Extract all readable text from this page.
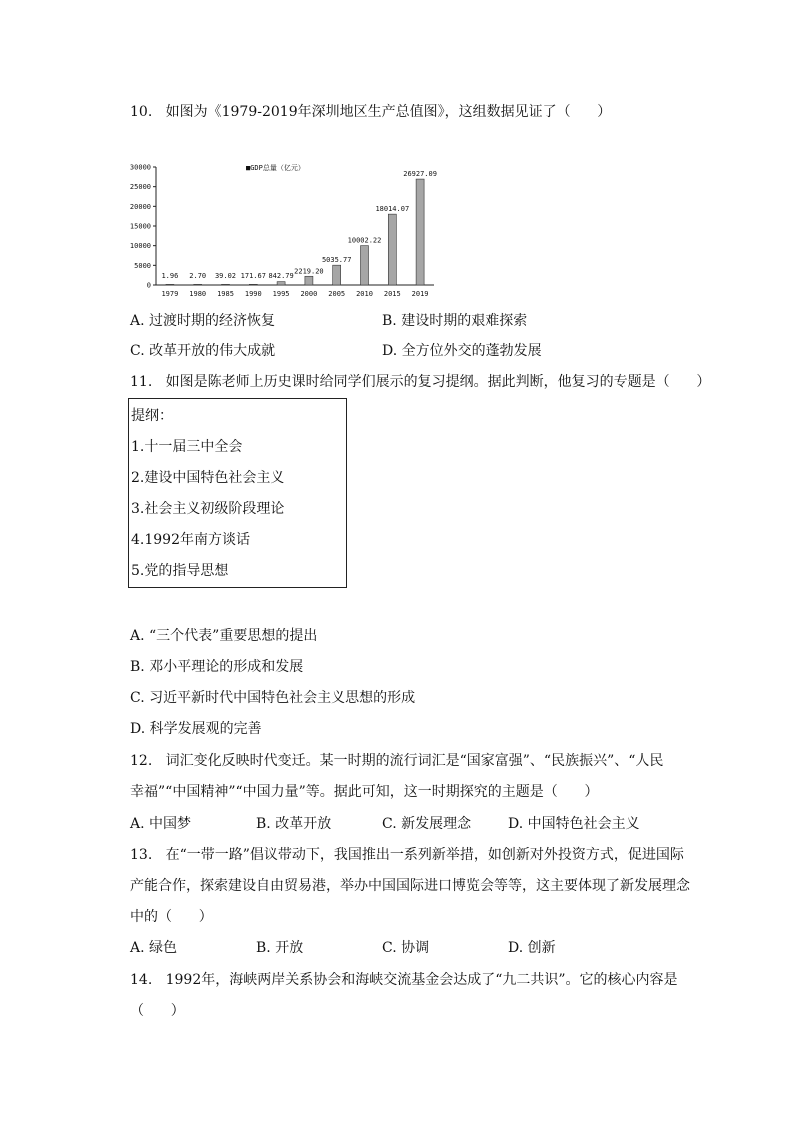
10.   如图为《1979-2019年深圳地区生产总值图》，这组数据见证了（      ）
0
5000
10000
15000
20000
25000
30000	■GDP总量（亿元）
1979
1.96
1980
2.70
1985
39.02
1990
171.67
1995
842.79
2000
2219.20
2005
5035.77
2010
10002.22
2015
18014.07
2019
26927.09
A. 过渡时期的经济恢复	B. 建设时期的艰难探索
C. 改革开放的伟大成就	D. 全方位外交的蓬勃发展
11.   如图是陈老师上历史课时给同学们展示的复习提纲。据此判断，他复习的专题是（      ）
提纲：
1.十一届三中全会
2.建设中国特色社会主义
3.社会主义初级阶段理论
4.1992年南方谈话
5.党的指导思想
A. “三个代表”重要思想的提出
B. 邓小平理论的形成和发展
C. 习近平新时代中国特色社会主义思想的形成
D. 科学发展观的完善
12.   词汇变化反映时代变迁。某一时期的流行词汇是“国家富强”、“民族振兴”、“人民
幸福”“中国精神”“中国力量”等。据此可知，这一时期探究的主题是（      ）
A. 中国梦	B. 改革开放	C. 新发展理念	D. 中国特色社会主义
13.   在“一带一路”倡议带动下，我国推出一系列新举措，如创新对外投资方式，促进国际
产能合作，探索建设自由贸易港，举办中国国际进口博览会等等，这主要体现了新发展理念
中的（      ）
A. 绿色	B. 开放	C. 协调	D. 创新
14.   1992年，海峡两岸关系协会和海峡交流基金会达成了“九二共识”。它的核心内容是
（      ）
